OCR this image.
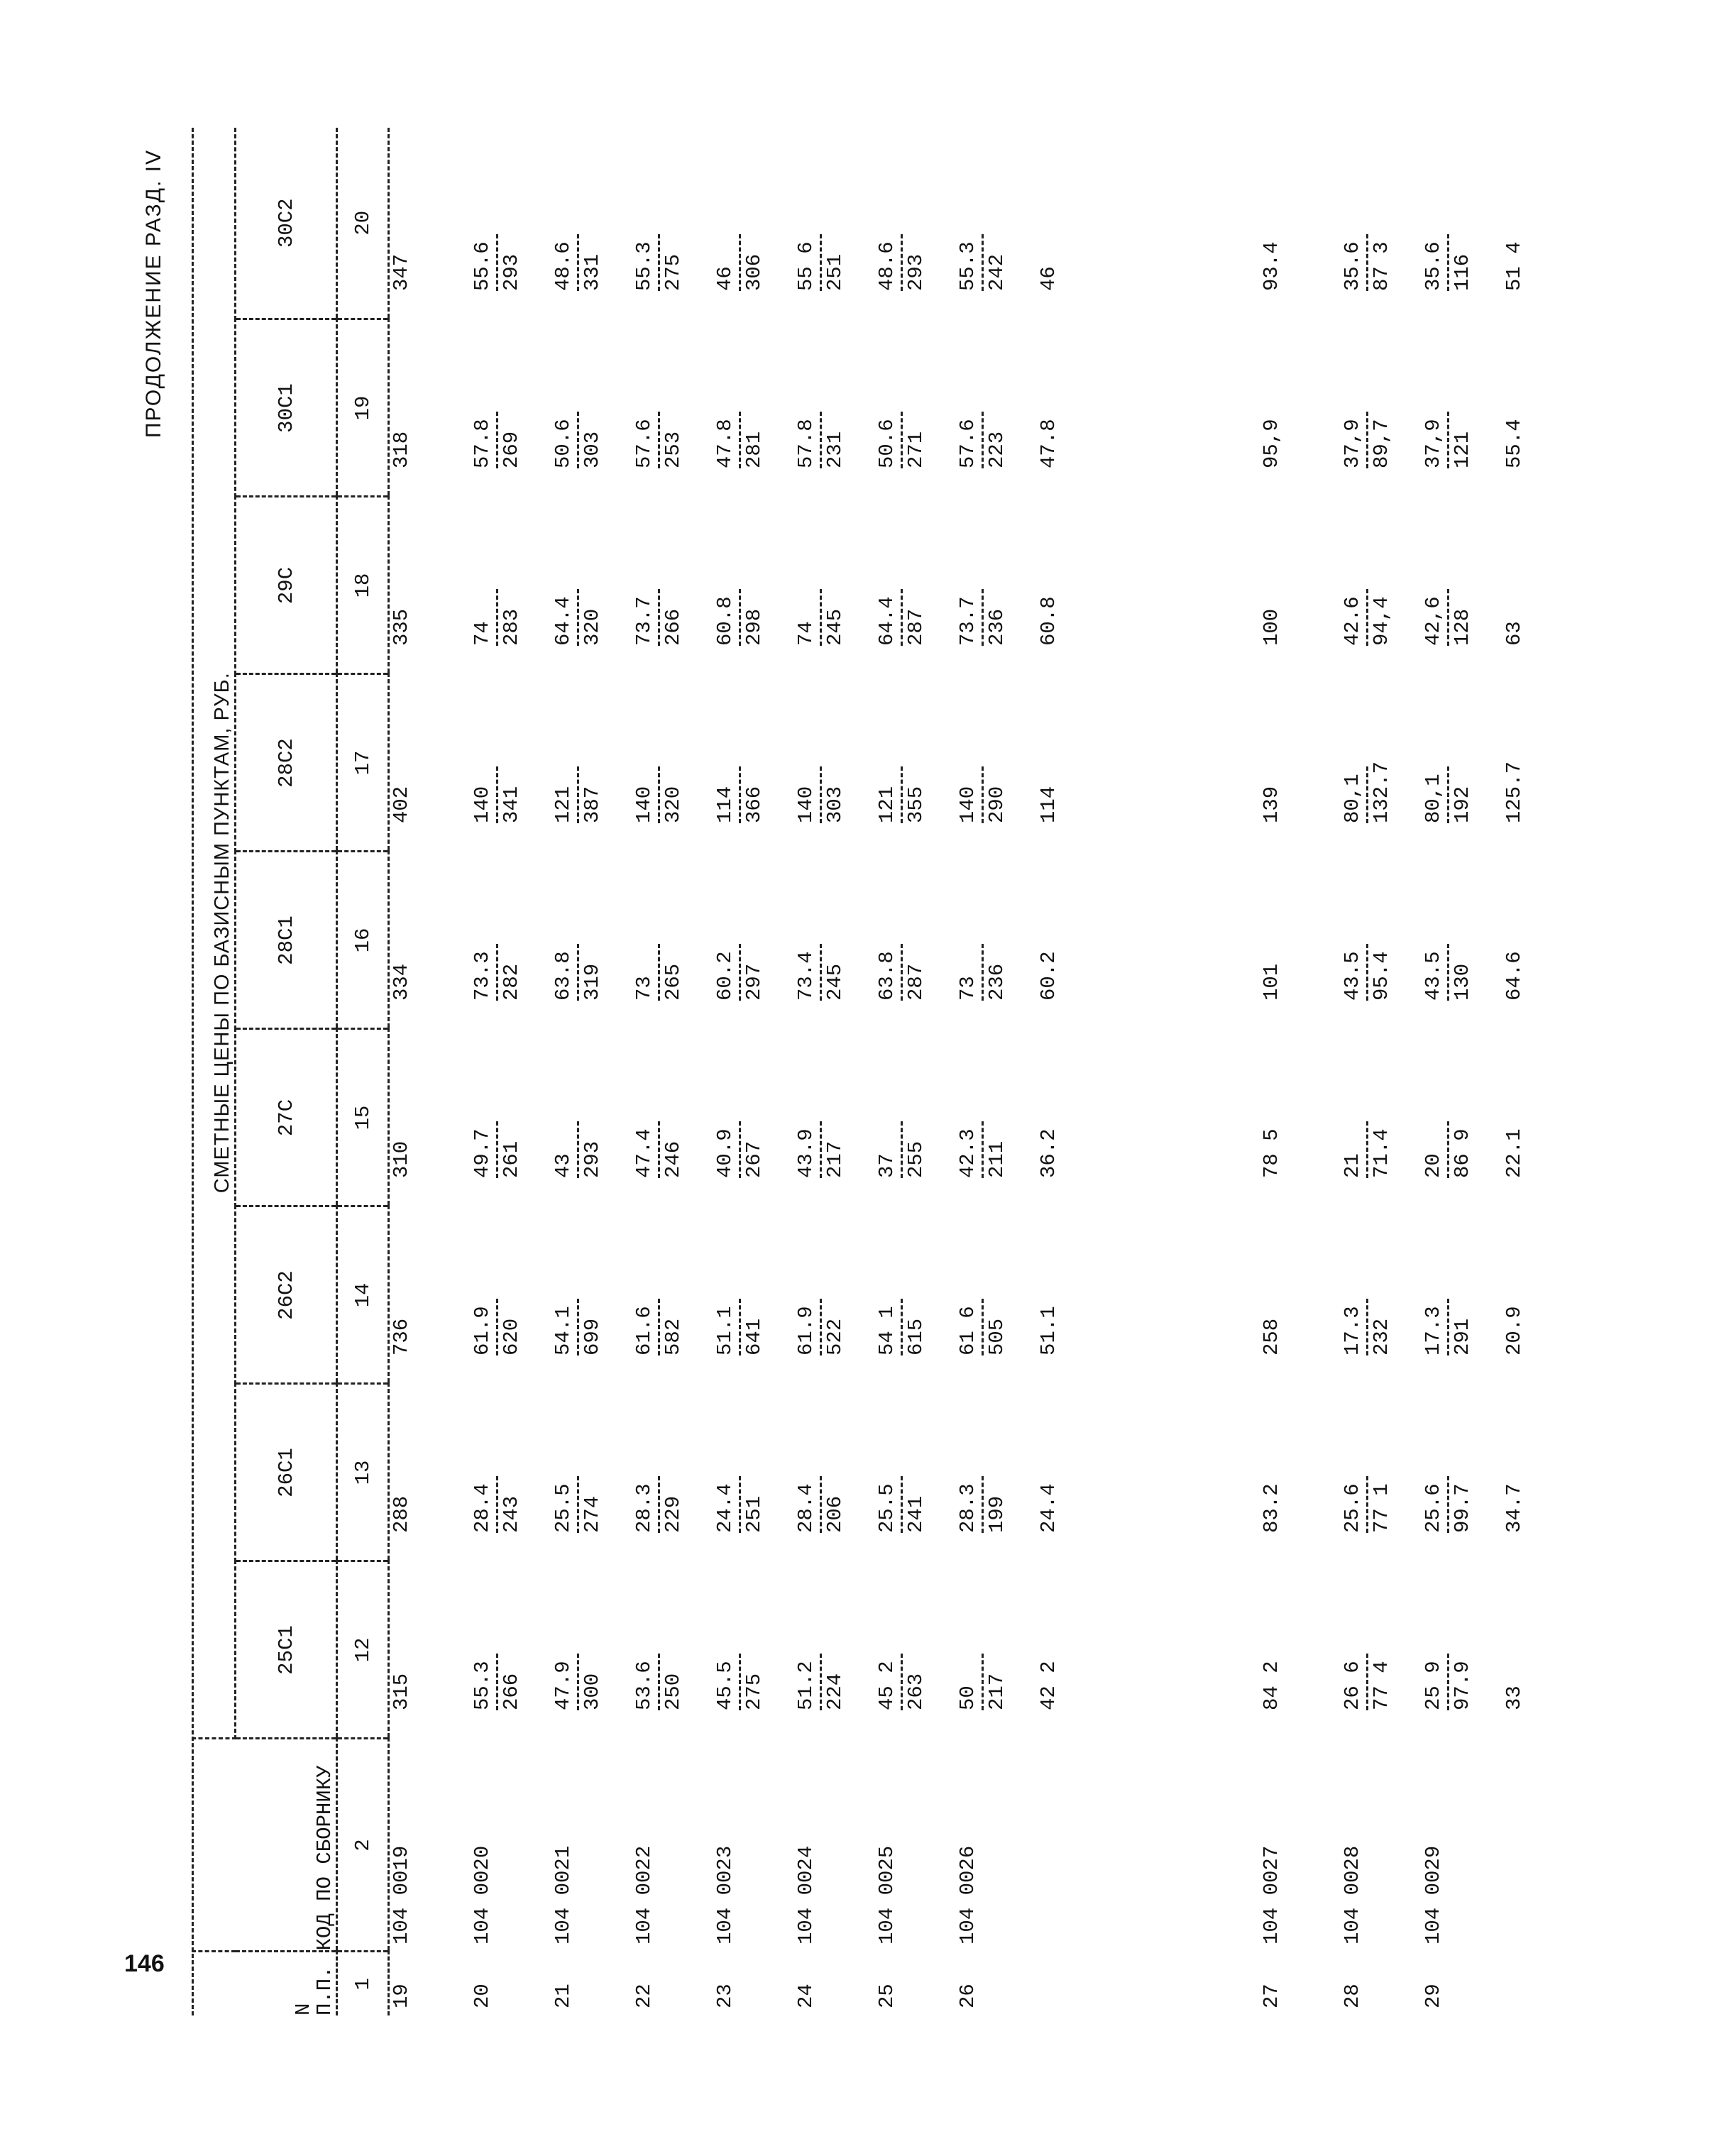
146
ПРОДОЛЖЕНИЕ РАЗД. IV
N П.П.	КОД ПО СБОРНИКУ	СМЕТНЫЕ ЦЕНЫ ПО БАЗИСНЫМ ПУНКТАМ, РУБ.								
		25С1	26С1	26С2	27С	28С1	28С2	29С	30С1	30С2
1	2	12	13	14	15	16	17	18	19	20
19	104 0019	315	288	736	310	334	402	335	318	347

20	104 0020	55.3 266	28.4 243	61.9 620	49.7 261	73.3 282	140 341	74 283	57.8 269	55.6 293

21	104 0021	47.9 300	25.5 274	54.1 699	43 293	63.8 319	121 387	64.4 320	50.6 303	48.6 331

22	104 0022	53.6 250	28.3 229	61.6 582	47.4 246	73 265	140 320	73.7 266	57.6 253	55.3 275

23	104 0023	45.5 275	24.4 251	51.1 641	40.9 267	60.2 297	114 366	60.8 298	47.8 281	46 306

24	104 0024	51.2 224	28.4 206	61.9 522	43.9 217	73.4 245	140 303	74 245	57.8 231	55 6 251

25	104 0025	45 2 263	25.5 241	54 1 615	37 255	63.8 287	121 355	64.4 287	50.6 271	48.6 293

26	104 0026	50 217	28.3 199	61 6 505	42.3 211	73 236	140 290	73.7 236	57.6 223	55.3 242

		42 2	24.4	51.1	36.2	60.2	114	60.8	47.8	46

27	104 0027	84 2	83.2	258	78 5	101	139	100	95,9	93.4

28	104 0028	26 6 77 4	25.6 77 1	17.3 232	21 71.4	43.5 95.4	80,1 132.7	42.6 94,4	37,9 89,7	35.6 87 3

29	104 0029	25 9 97.9	25.6 99.7	17.3 291	20 86 9	43.5 130	80,1 192	42,6 128	37,9 121	35.6 116

		33	34.7	20.9	22.1	64.6	125.7	63	55.4	51 4
